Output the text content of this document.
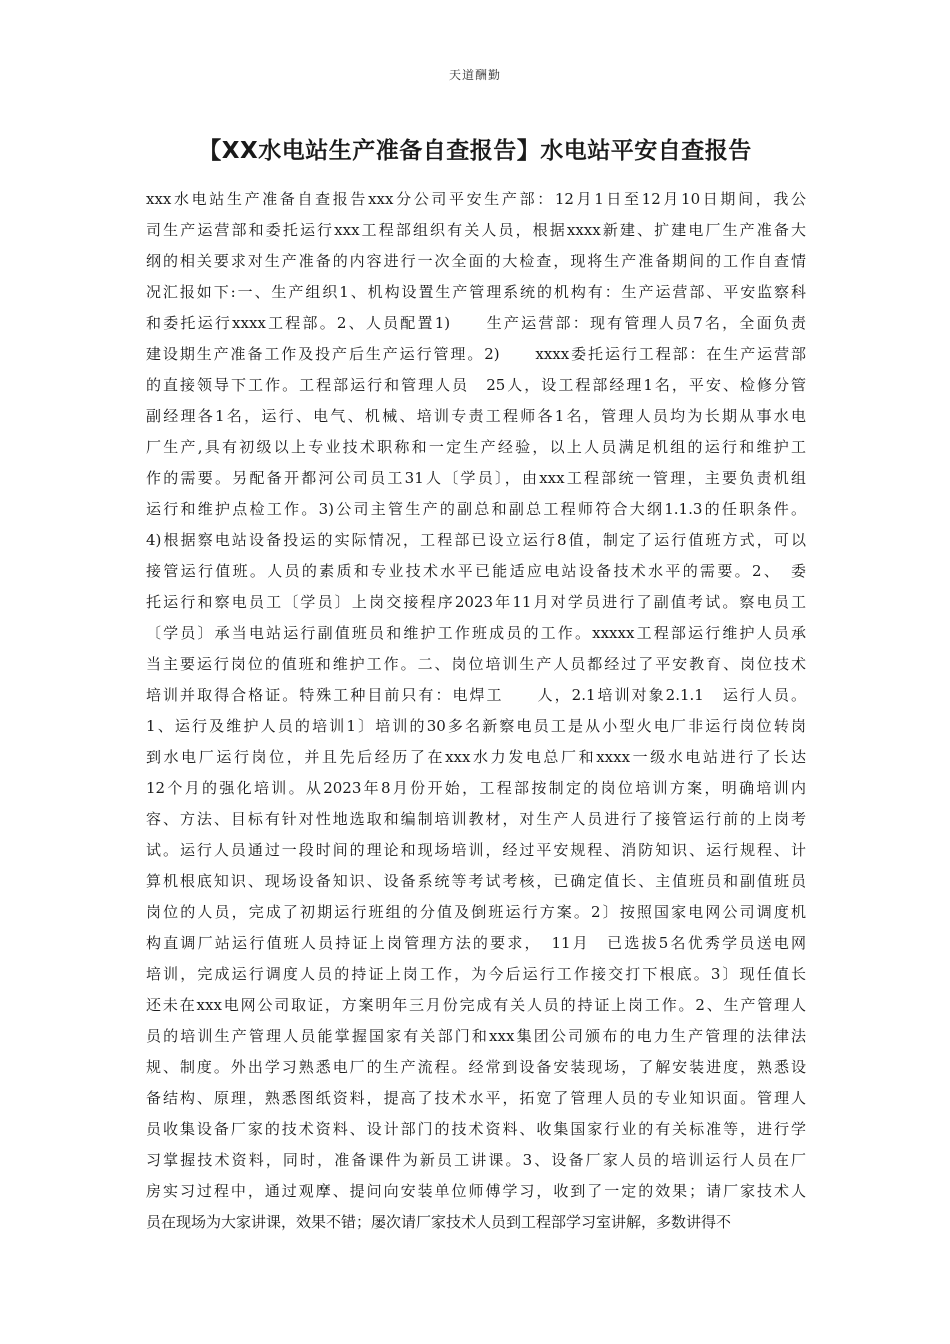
天道酬勤
【XX水电站生产准备自查报告】水电站平安自查报告
xxx水电站生产准备自查报告xxx分公司平安生产部：12月1日至12月10日期间，我公
司生产运营部和委托运行xxx工程部组织有关人员，根据xxxx新建、扩建电厂生产准备大
纲的相关要求对生产准备的内容进行一次全面的大检查，现将生产准备期间的工作自查情
况汇报如下:一、生产组织1、机构设置生产管理系统的机构有：生产运营部、平安监察科
和委托运行xxxx工程部。2、人员配置1)　　生产运营部：现有管理人员7名，全面负责
建设期生产准备工作及投产后生产运行管理。2)　　xxxx委托运行工程部：在生产运营部
的直接领导下工作。工程部运行和管理人员　25人，设工程部经理1名，平安、检修分管
副经理各1名，运行、电气、机械、培训专责工程师各1名，管理人员均为长期从事水电
厂生产,具有初级以上专业技术职称和一定生产经验，以上人员满足机组的运行和维护工
作的需要。另配备开都河公司员工31人〔学员〕，由xxx工程部统一管理，主要负责机组
运行和维护点检工作。3)公司主管生产的副总和副总工程师符合大纲1.1.3的任职条件。
4)根据察电站设备投运的实际情况，工程部已设立运行8值，制定了运行值班方式，可以
接管运行值班。人员的素质和专业技术水平已能适应电站设备技术水平的需要。2、　委
托运行和察电员工〔学员〕上岗交接程序2023年11月对学员进行了副值考试。察电员工
〔学员〕承当电站运行副值班员和维护工作班成员的工作。xxxxx工程部运行维护人员承
当主要运行岗位的值班和维护工作。二、岗位培训生产人员都经过了平安教育、岗位技术
培训并取得合格证。特殊工种目前只有：电焊工　　人，2.1培训对象2.1.1　运行人员。
1、运行及维护人员的培训1〕培训的30多名新察电员工是从小型火电厂非运行岗位转岗
到水电厂运行岗位，并且先后经历了在xxx水力发电总厂和xxxx一级水电站进行了长达
12个月的强化培训。从2023年8月份开始，工程部按制定的岗位培训方案，明确培训内
容、方法、目标有针对性地选取和编制培训教材，对生产人员进行了接管运行前的上岗考
试。运行人员通过一段时间的理论和现场培训，经过平安规程、消防知识、运行规程、计
算机根底知识、现场设备知识、设备系统等考试考核，已确定值长、主值班员和副值班员
岗位的人员，完成了初期运行班组的分值及倒班运行方案。2〕按照国家电网公司调度机
构直调厂站运行值班人员持证上岗管理方法的要求，　11月　已选拔5名优秀学员送电网
培训，完成运行调度人员的持证上岗工作，为今后运行工作接交打下根底。3〕现任值长
还未在xxx电网公司取证，方案明年三月份完成有关人员的持证上岗工作。2、生产管理人
员的培训生产管理人员能掌握国家有关部门和xxx集团公司颁布的电力生产管理的法律法
规、制度。外出学习熟悉电厂的生产流程。经常到设备安装现场，了解安装进度，熟悉设
备结构、原理，熟悉图纸资料，提高了技术水平，拓宽了管理人员的专业知识面。管理人
员收集设备厂家的技术资料、设计部门的技术资料、收集国家行业的有关标准等，进行学
习掌握技术资料，同时，准备课件为新员工讲课。3、设备厂家人员的培训运行人员在厂
房实习过程中，通过观摩、提问向安装单位师傅学习，收到了一定的效果；请厂家技术人
员在现场为大家讲课，效果不错；屡次请厂家技术人员到工程部学习室讲解，多数讲得不
